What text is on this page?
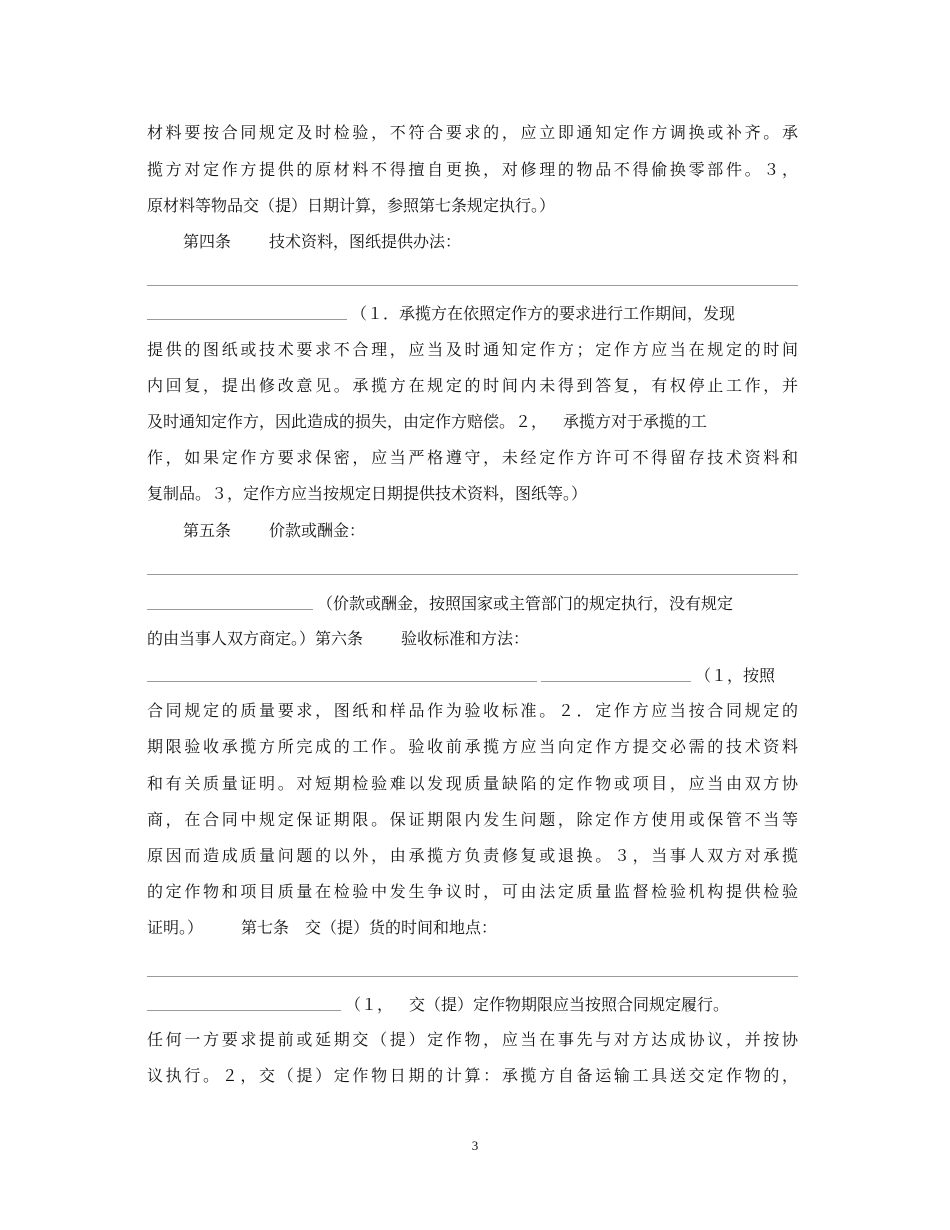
材料要按合同规定及时检验，不符合要求的，应立即通知定作方调换或补齐。承
揽方对定作方提供的原材料不得擅自更换，对修理的物品不得偷换零部件。３，
原材料等物品交（提）日期计算，参照第七条规定执行。）
第四条 技术资料，图纸提供办法：
（１．承揽方在依照定作方的要求进行工作期间，发现
提供的图纸或技术要求不合理，应当及时通知定作方；定作方应当在规定的时间
内回复，提出修改意见。承揽方在规定的时间内未得到答复，有权停止工作，并
及时通知定作方，因此造成的损失，由定作方赔偿。２， 承揽方对于承揽的工
作，如果定作方要求保密，应当严格遵守，未经定作方许可不得留存技术资料和
复制品。３，定作方应当按规定日期提供技术资料，图纸等。）
第五条 价款或酬金：
（价款或酬金，按照国家或主管部门的规定执行，没有规定
的由当事人双方商定。）第六条 验收标准和方法：
（１，按照
合同规定的质量要求，图纸和样品作为验收标准。２．定作方应当按合同规定的
期限验收承揽方所完成的工作。验收前承揽方应当向定作方提交必需的技术资料
和有关质量证明。对短期检验难以发现质量缺陷的定作物或项目，应当由双方协
商，在合同中规定保证期限。保证期限内发生问题，除定作方使用或保管不当等
原因而造成质量问题的以外，由承揽方负责修复或退换。３，当事人双方对承揽
的定作物和项目质量在检验中发生争议时，可由法定质量监督检验机构提供检验
证明。） 第七条 交（提）货的时间和地点：
（１， 交（提）定作物期限应当按照合同规定履行。
任何一方要求提前或延期交（提）定作物，应当在事先与对方达成协议，并按协
议执行。２，交（提）定作物日期的计算：承揽方自备运输工具送交定作物的，
3
